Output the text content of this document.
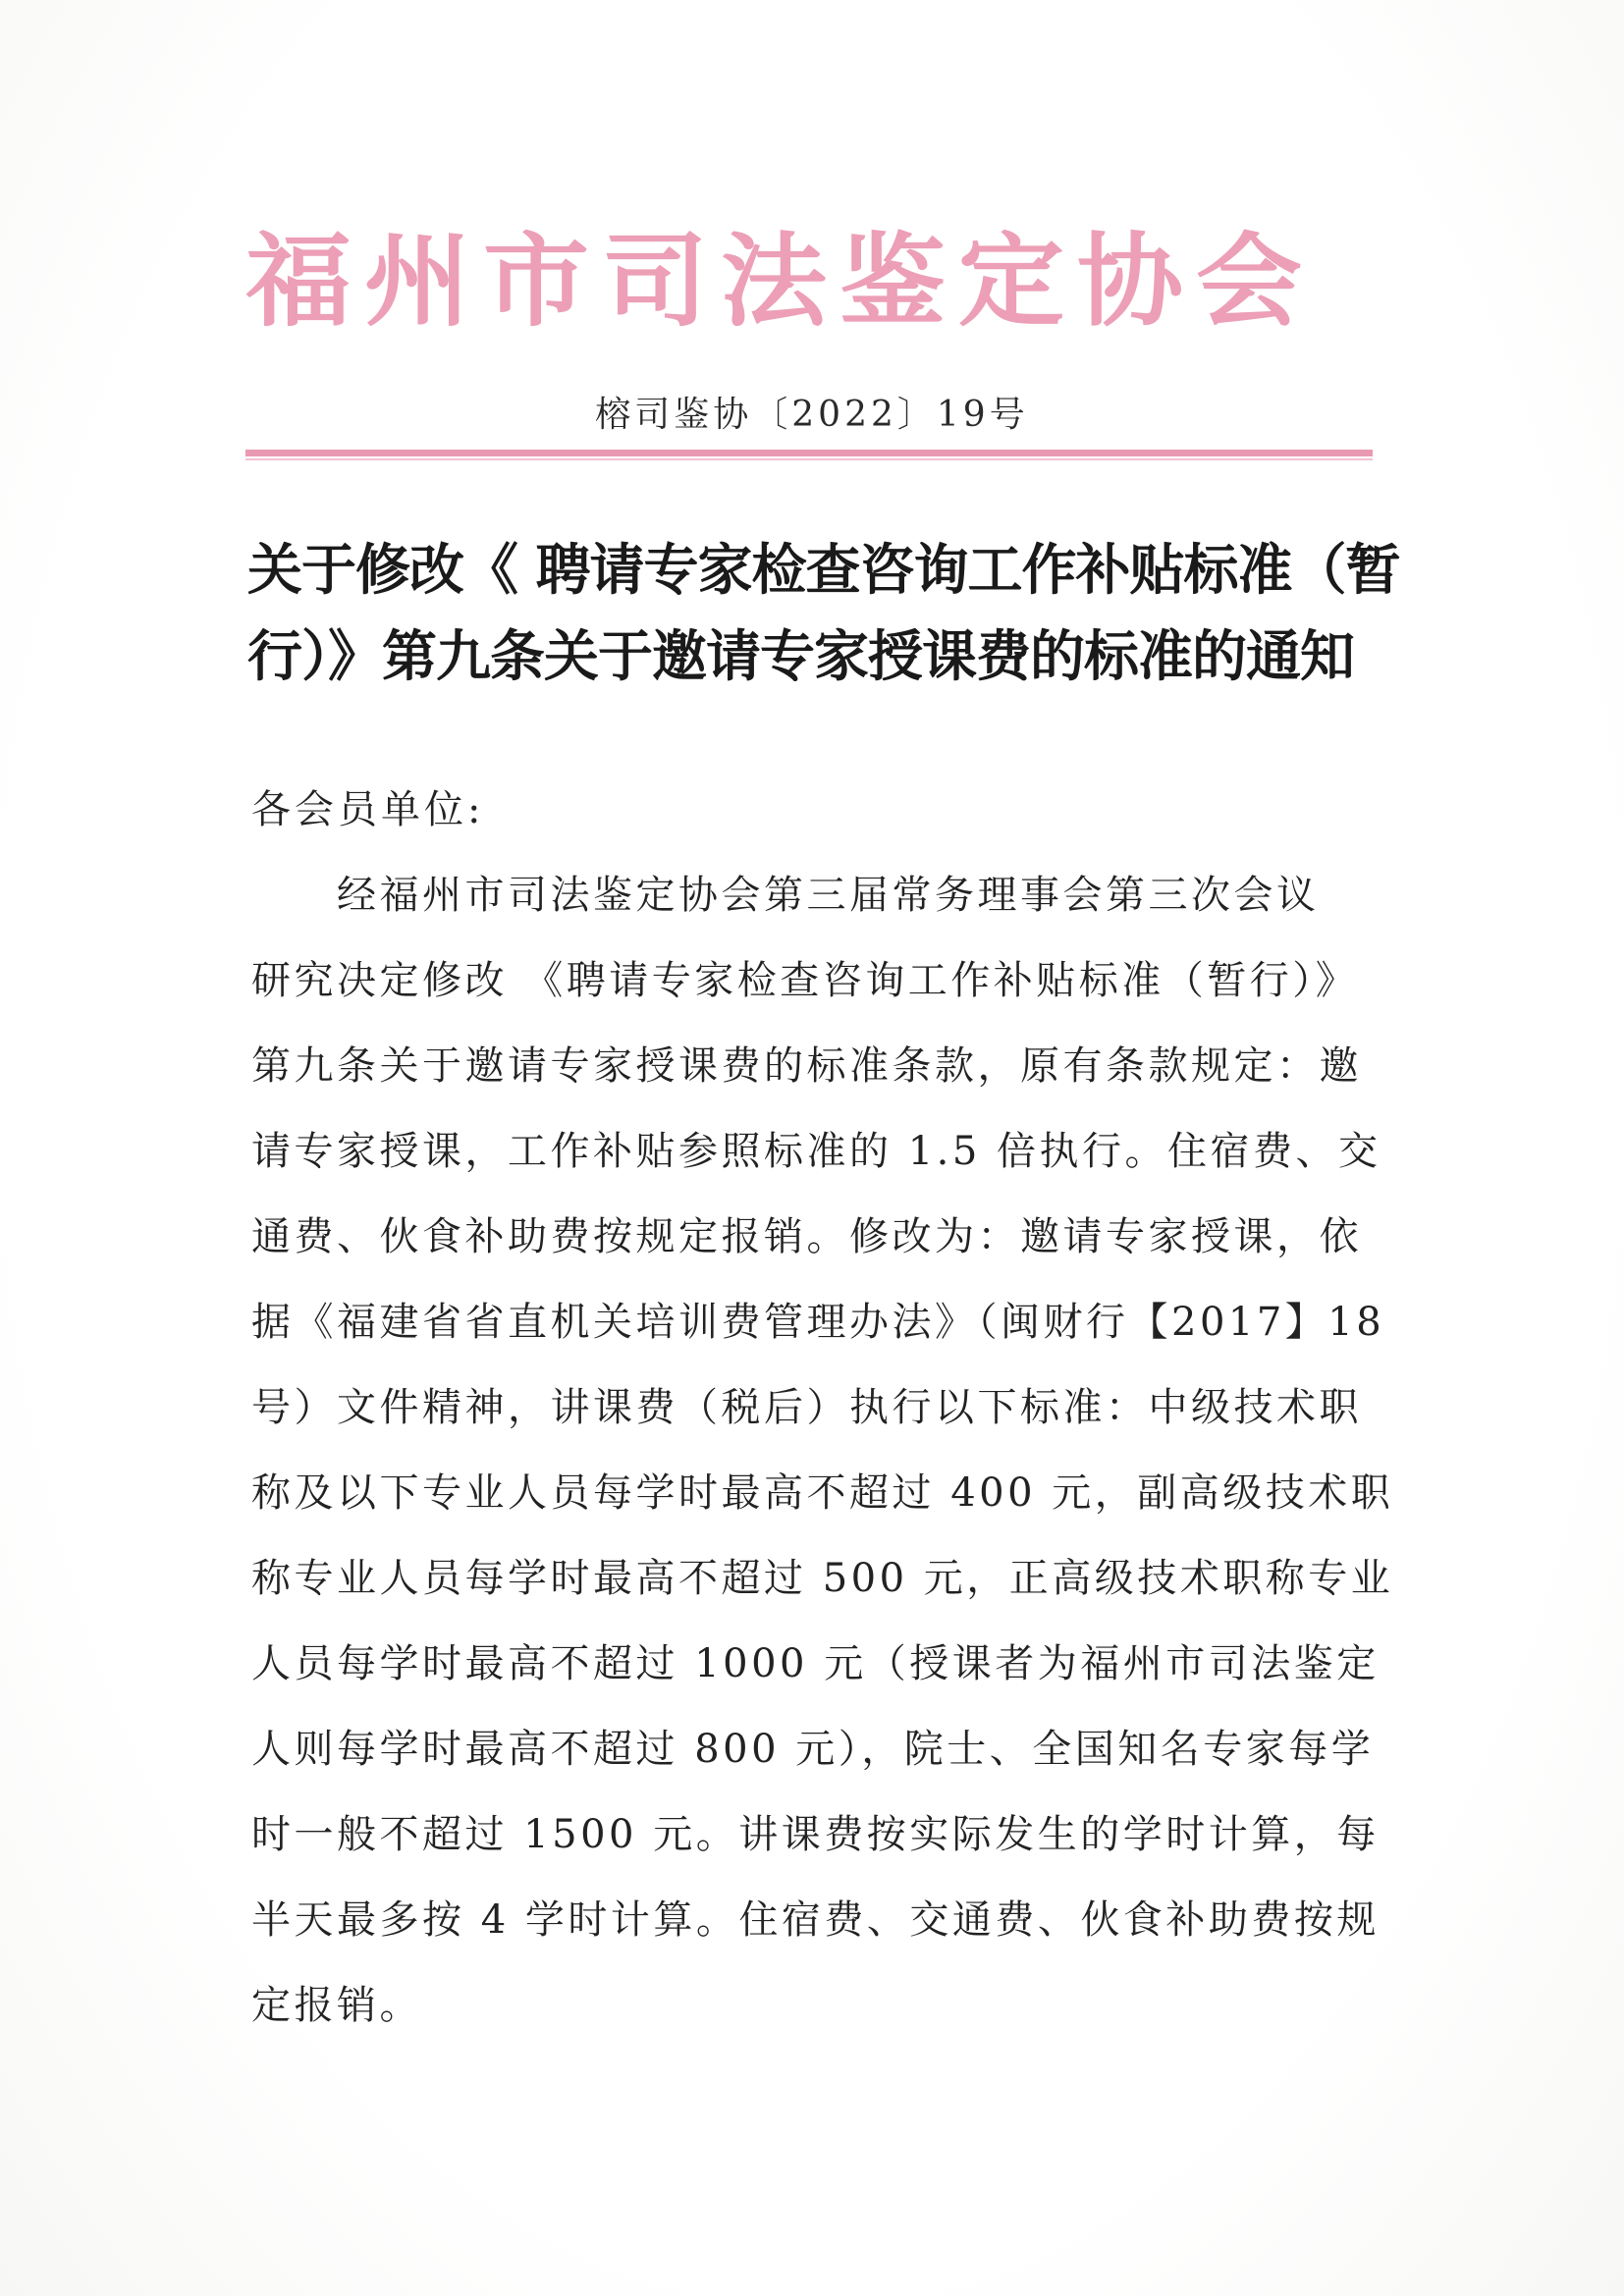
福州市司法鉴定协会
榕司鉴协〔2022〕19号
关于修改《 聘请专家检查咨询工作补贴标准（暂
行）》第九条关于邀请专家授课费的标准的通知
各会员单位:
　　经福州市司法鉴定协会第三届常务理事会第三次会议
研究决定修改 《聘请专家检查咨询工作补贴标准（暂行）》
第九条关于邀请专家授课费的标准条款，原有条款规定：邀
请专家授课，工作补贴参照标准的 1.5 倍执行。住宿费、交
通费、伙食补助费按规定报销。修改为：邀请专家授课，依
据《福建省省直机关培训费管理办法》（闽财行【2017】18
号）文件精神，讲课费（税后）执行以下标准：中级技术职
称及以下专业人员每学时最高不超过 400 元，副高级技术职
称专业人员每学时最高不超过 500 元，正高级技术职称专业
人员每学时最高不超过 1000 元（授课者为福州市司法鉴定
人则每学时最高不超过 800 元），院士、全国知名专家每学
时一般不超过 1500 元。讲课费按实际发生的学时计算，每
半天最多按 4 学时计算。住宿费、交通费、伙食补助费按规
定报销。
